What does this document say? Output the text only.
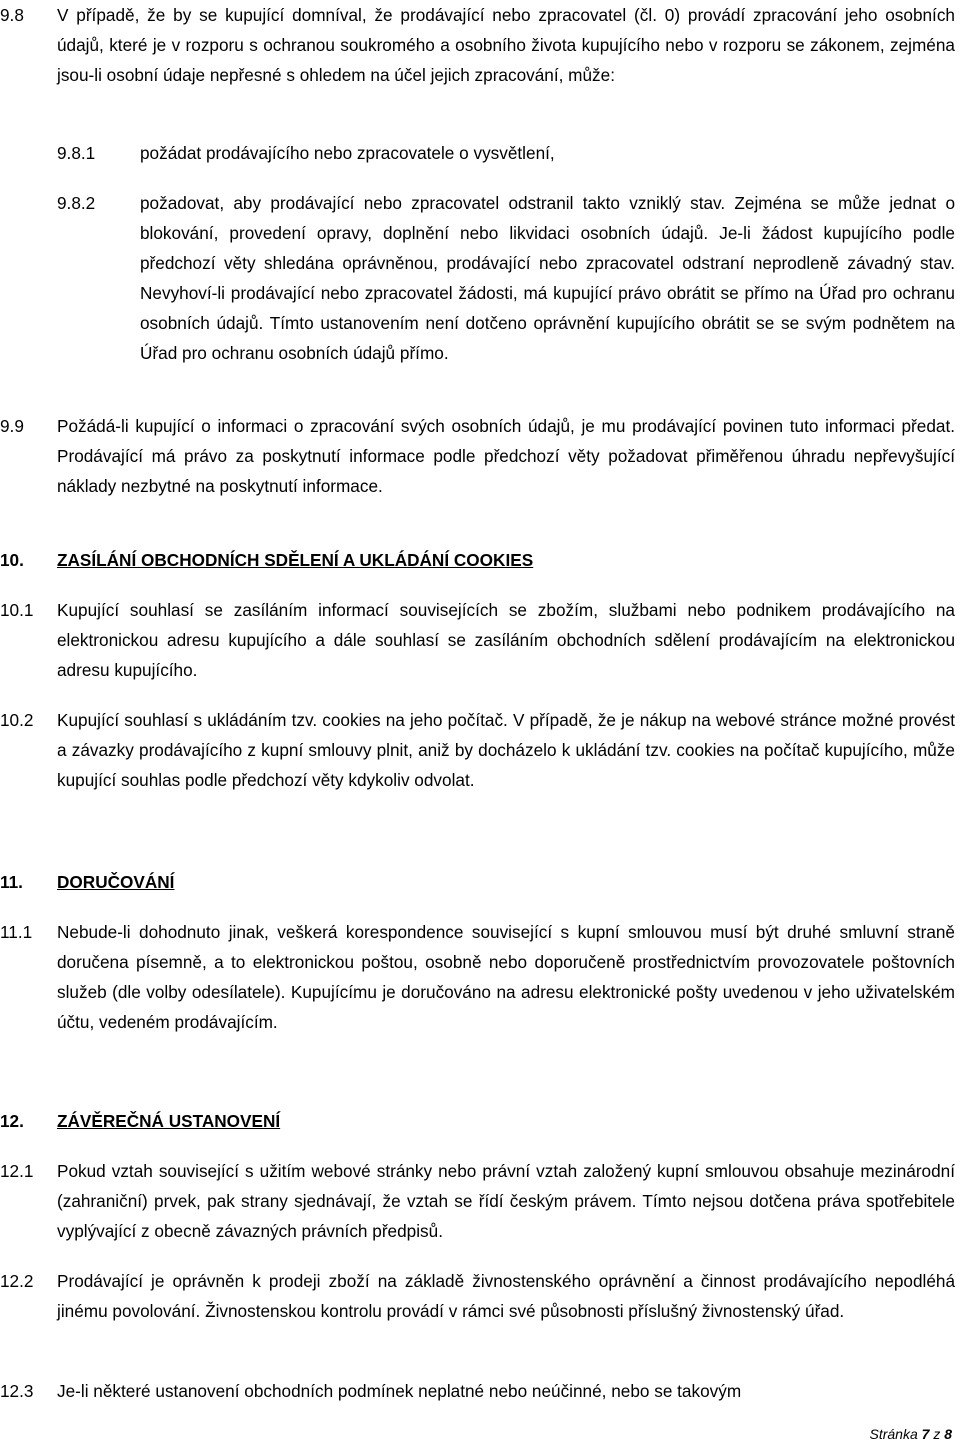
9.8 V případě, že by se kupující domníval, že prodávající nebo zpracovatel (čl. 0) provádí zpracování jeho osobních údajů, které je v rozporu s ochranou soukromého a osobního života kupujícího nebo v rozporu se zákonem, zejména jsou-li osobní údaje nepřesné s ohledem na účel jejich zpracování, může:

9.8.1	požádat prodávajícího nebo zpracovatele o vysvětlení,

9.8.2	požadovat, aby prodávající nebo zpracovatel odstranil takto vzniklý stav. Zejména se může jednat o blokování, provedení opravy, doplnění nebo likvidaci osobních údajů. Je-li žádost kupujícího podle předchozí věty shledána oprávněnou, prodávající nebo zpracovatel odstraní neprodleně závadný stav. Nevyhoví-li prodávající nebo zpracovatel žádosti, má kupující právo obrátit se přímo na Úřad pro ochranu osobních údajů. Tímto ustanovením není dotčeno oprávnění kupujícího obrátit se se svým podnětem na Úřad pro ochranu osobních údajů přímo.

9.9 Požádá-li kupující o informaci o zpracování svých osobních údajů, je mu prodávající povinen tuto informaci předat. Prodávající má právo za poskytnutí informace podle předchozí věty požadovat přiměřenou úhradu nepřevyšující náklady nezbytné na poskytnutí informace.

10. ZASÍLÁNÍ OBCHODNÍCH SDĚLENÍ A UKLÁDÁNÍ COOKIES

10.1 Kupující souhlasí se zasíláním informací souvisejících se zbožím, službami nebo podnikem prodávajícího na elektronickou adresu kupujícího a dále souhlasí se zasíláním obchodních sdělení prodávajícím na elektronickou adresu kupujícího.

10.2 Kupující souhlasí s ukládáním tzv. cookies na jeho počítač. V případě, že je nákup na webové stránce možné provést a závazky prodávajícího z kupní smlouvy plnit, aniž by docházelo k ukládání tzv. cookies na počítač kupujícího, může kupující souhlas podle předchozí věty kdykoliv odvolat.

11. DORUČOVÁNÍ

11.1 Nebude-li dohodnuto jinak, veškerá korespondence související s kupní smlouvou musí být druhé smluvní straně doručena písemně, a to elektronickou poštou, osobně nebo doporučeně prostřednictvím provozovatele poštovních služeb (dle volby odesílatele). Kupujícímu je doručováno na adresu elektronické pošty uvedenou v jeho uživatelském účtu, vedeném prodávajícím.

12. ZÁVĚREČNÁ USTANOVENÍ

12.1 Pokud vztah související s užitím webové stránky nebo právní vztah založený kupní smlouvou obsahuje mezinárodní (zahraniční) prvek, pak strany sjednávají, že vztah se řídí českým právem. Tímto nejsou dotčena práva spotřebitele vyplývající z obecně závazných právních předpisů.

12.2 Prodávající je oprávněn k prodeji zboží na základě živnostenského oprávnění a činnost prodávajícího nepodléhá jinému povolování. Živnostenskou kontrolu provádí v rámci své působnosti příslušný živnostenský úřad.

12.3 Je-li některé ustanovení obchodních podmínek neplatné nebo neúčinné, nebo se takovým

Stránka 7 z 8
